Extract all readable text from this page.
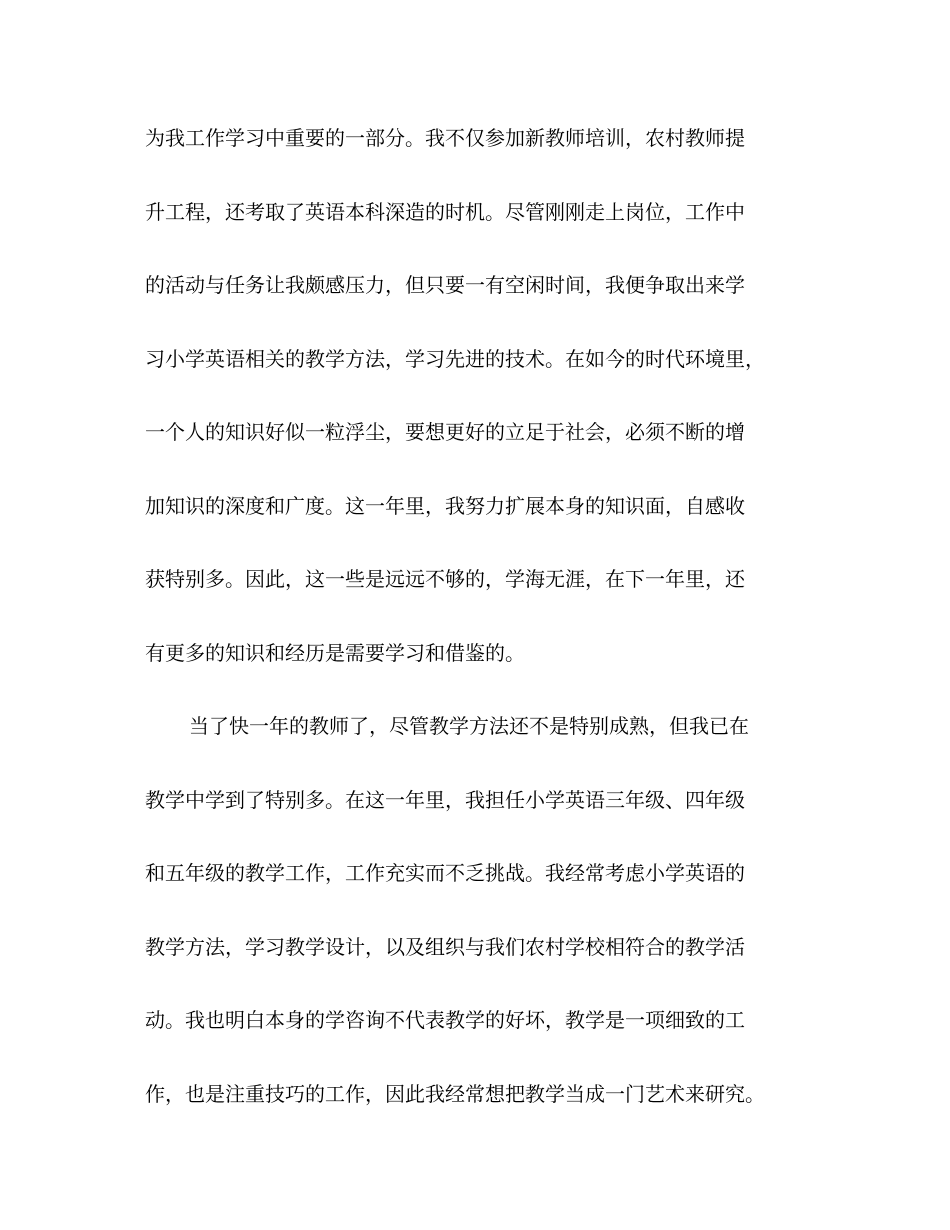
为我工作学习中重要的一部分。我不仅参加新教师培训，农村教师提
升工程，还考取了英语本科深造的时机。尽管刚刚走上岗位，工作中
的活动与任务让我颇感压力，但只要一有空闲时间，我便争取出来学
习小学英语相关的教学方法，学习先进的技术。在如今的时代环境里，
一个人的知识好似一粒浮尘，要想更好的立足于社会，必须不断的增
加知识的深度和广度。这一年里，我努力扩展本身的知识面，自感收
获特别多。因此，这一些是远远不够的，学海无涯，在下一年里，还
有更多的知识和经历是需要学习和借鉴的。
当了快一年的教师了，尽管教学方法还不是特别成熟，但我已在
教学中学到了特别多。在这一年里，我担任小学英语三年级、四年级
和五年级的教学工作，工作充实而不乏挑战。我经常考虑小学英语的
教学方法，学习教学设计，以及组织与我们农村学校相符合的教学活
动。我也明白本身的学咨询不代表教学的好坏，教学是一项细致的工
作，也是注重技巧的工作，因此我经常想把教学当成一门艺术来研究。
